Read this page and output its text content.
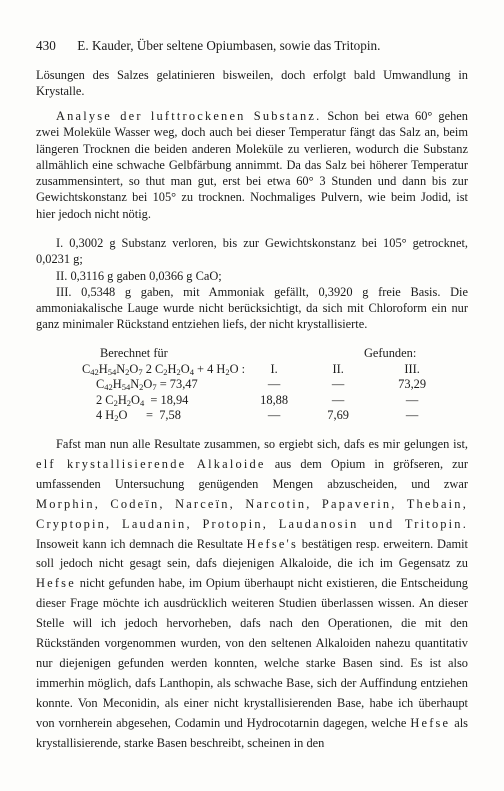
430 E. Kauder, Über seltene Opiumbasen, sowie das Tritopin.

Lösungen des Salzes gelatinieren bisweilen, doch erfolgt bald Umwandlung in Krystalle.

Analyse der lufttrockenen Substanz. Schon bei etwa 60° gehen zwei Moleküle Wasser weg, doch auch bei dieser Temperatur fängt das Salz an, beim längeren Trocknen die beiden anderen Moleküle zu verlieren, wodurch die Substanz allmählich eine schwache Gelbfärbung annimmt. Da das Salz bei höherer Temperatur zusammensintert, so thut man gut, erst bei etwa 60° 3 Stunden und dann bis zur Gewichtskonstanz bei 105° zu trocknen. Nochmaliges Pulvern, wie beim Jodid, ist hier jedoch nicht nötig.

I. 0,3002 g Substanz verloren, bis zur Gewichtskonstanz bei 105° getrocknet, 0,0231 g;

II. 0,3116 g gaben 0,0366 g CaO;

III. 0,5348 g gaben, mit Ammoniak gefällt, 0,3920 g freie Basis. Die ammoniakalische Lauge wurde nicht berücksichtigt, da sich mit Chloroform ein nur ganz minimaler Rückstand entziehen liefs, der nicht krystallisierte.

Berechnet für		Gefunden:	
$C_{42}H_{54}N_2O_7$ 2 $C_2H_2O_4 + 4$ $H_2O$ :	I.	II.	III.
$C_{42}H_{54}N_2O_7 = 73,47$	—	—	73,29
2 $C_2H_2O_4 = 18,94$	18,88	—	—
4 $H_2O$      =  7,58	—	7,69	—

Fafst man nun alle Resultate zusammen, so ergiebt sich, dafs es mir gelungen ist, elf krystallisierende Alkaloide aus dem Opium in gröfseren, zur umfassenden Untersuchung genügenden Mengen abzuscheiden, und zwar Morphin, Codeïn, Narceïn, Narcotin, Papaverin, Thebain, Cryptopin, Laudanin, Protopin, Laudanosin und Tritopin. Insoweit kann ich demnach die Resultate Hefse's bestätigen resp. erweitern. Damit soll jedoch nicht gesagt sein, dafs diejenigen Alkaloide, die ich im Gegensatz zu Hefse nicht gefunden habe, im Opium überhaupt nicht existieren, die Entscheidung dieser Frage möchte ich ausdrücklich weiteren Studien überlassen wissen. An dieser Stelle will ich jedoch hervorheben, dafs nach den Operationen, die mit den Rückständen vorgenommen wurden, von den seltenen Alkaloiden nahezu quantitativ nur diejenigen gefunden werden konnten, welche starke Basen sind. Es ist also immerhin möglich, dafs Lanthopin, als schwache Base, sich der Auffindung entziehen konnte. Von Meconidin, als einer nicht krystallisierenden Base, habe ich überhaupt von vornherein abgesehen, Codamin und Hydrocotarnin dagegen, welche Hefse als krystallisierende, starke Basen beschreibt, scheinen in den
